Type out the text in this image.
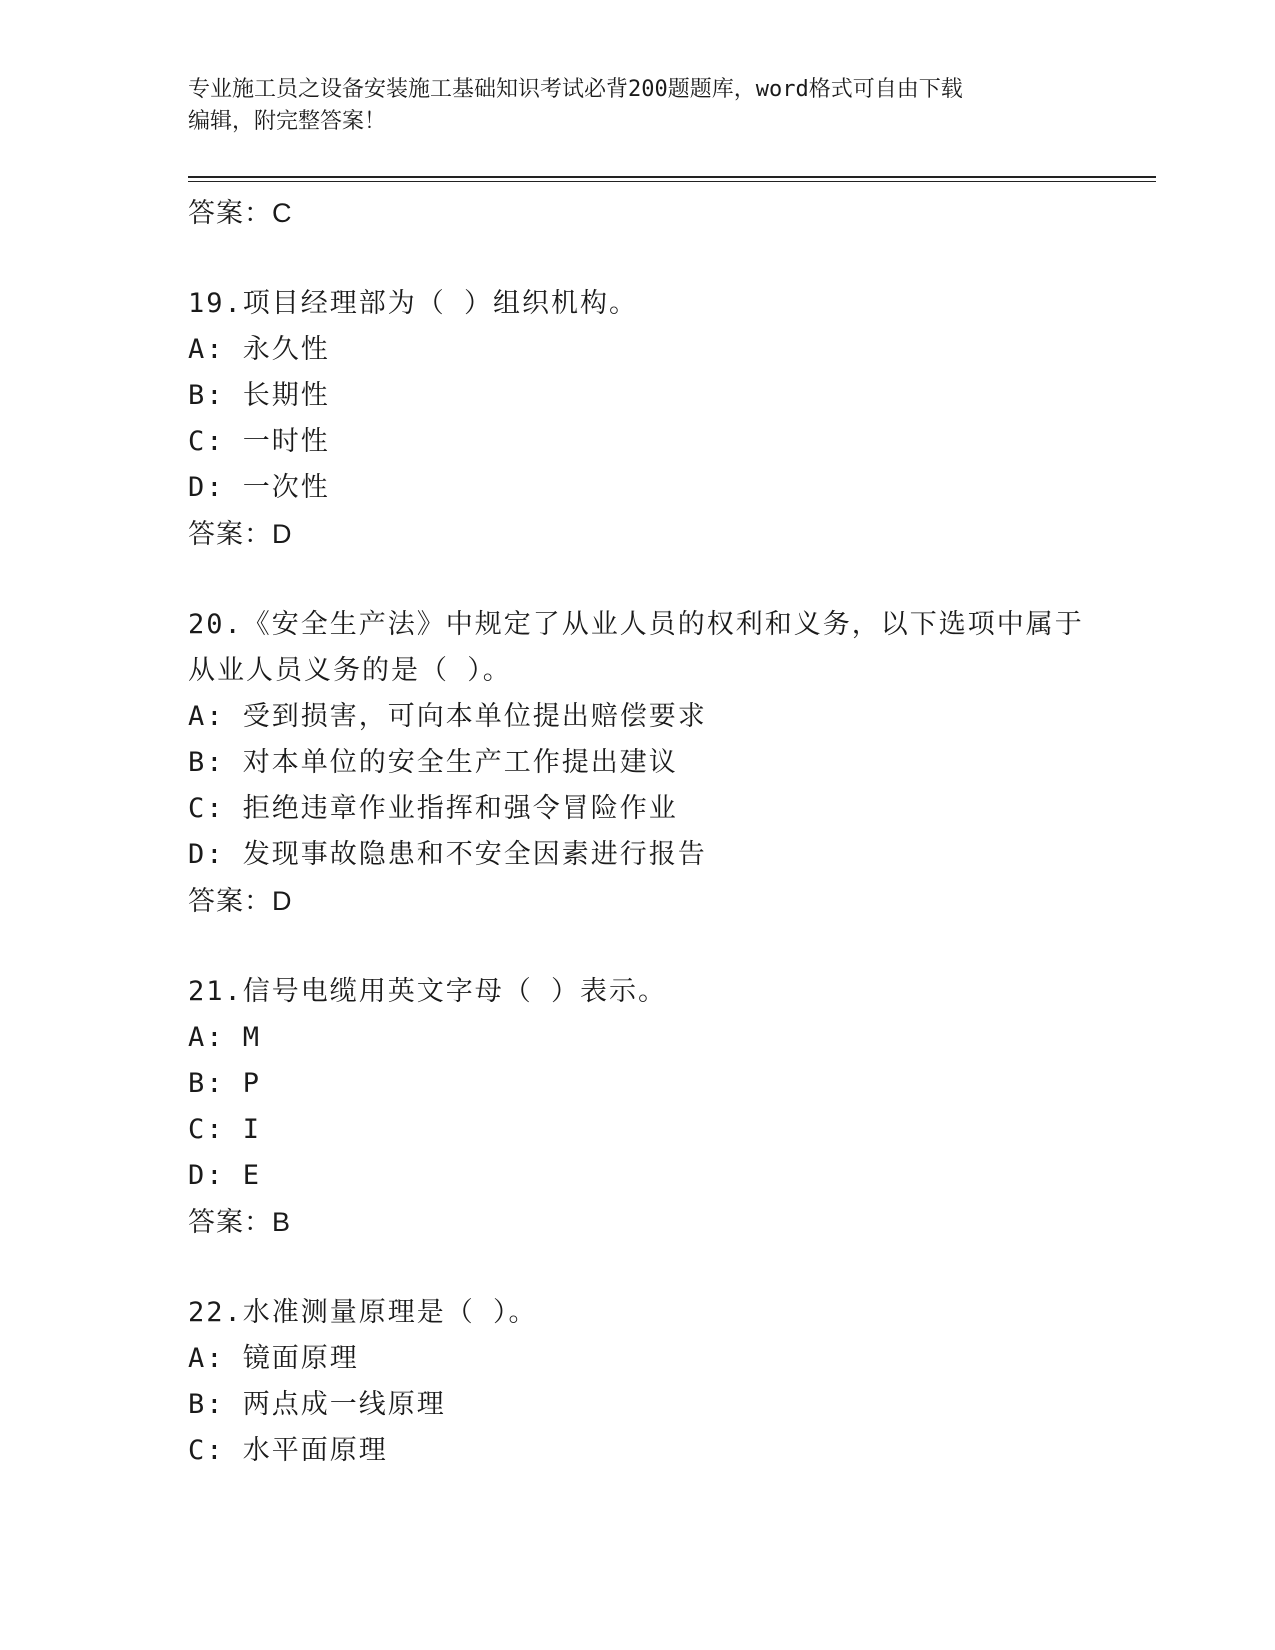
专业施工员之设备安装施工基础知识考试必背200题题库，word格式可自由下载
编辑，附完整答案！
答案：C
19.项目经理部为（ ）组织机构。
A: 永久性
B: 长期性
C: 一时性
D: 一次性
答案：D
20.《安全生产法》中规定了从业人员的权利和义务，以下选项中属于
从业人员义务的是（ ）。
A: 受到损害，可向本单位提出赔偿要求
B: 对本单位的安全生产工作提出建议
C: 拒绝违章作业指挥和强令冒险作业
D: 发现事故隐患和不安全因素进行报告
答案：D
21.信号电缆用英文字母（ ）表示。
A: M
B: P
C: I
D: E
答案：B
22.水准测量原理是（ ）。
A: 镜面原理
B: 两点成一线原理
C: 水平面原理
